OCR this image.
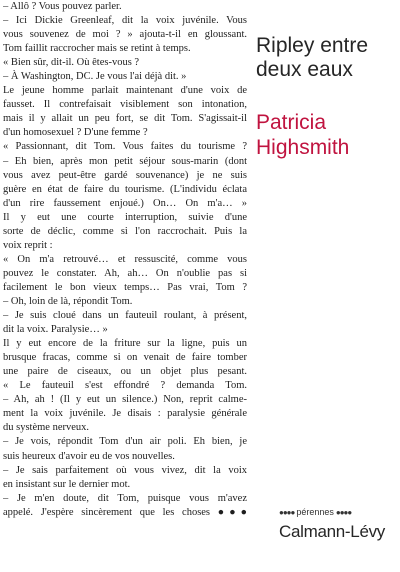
– Allô ? Vous pouvez parler.
– Ici Dickie Greenleaf, dit la voix juvénile. Vous
vous souvenez de moi ? » ajouta-t-il en gloussant.
Tom faillit raccrocher mais se retint à temps.
« Bien sûr, dit-il. Où êtes-vous ?
– À Washington, DC. Je vous l'ai déjà dit. »
Le jeune homme parlait maintenant d'une voix de
fausset. Il contrefaisait visiblement son intonation,
mais il y allait un peu fort, se dit Tom. S'agissait-il
d'un homosexuel ? D'une femme ?
« Passionnant, dit Tom. Vous faites du tourisme ?
– Eh bien, après mon petit séjour sous-marin (dont
vous avez peut-être gardé souvenance) je ne suis
guère en état de faire du tourisme. (L'individu éclata
d'un rire faussement enjoué.) On… On m'a… »
Il y eut une courte interruption, suivie d'une
sorte de déclic, comme si l'on raccrochait. Puis la
voix reprit :
« On m'a retrouvé… et ressuscité, comme vous
pouvez le constater. Ah, ah… On n'oublie pas si
facilement le bon vieux temps… Pas vrai, Tom ?
– Oh, loin de là, répondit Tom.
– Je suis cloué dans un fauteuil roulant, à présent,
dit la voix. Paralysie… »
Il y eut encore de la friture sur la ligne, puis un
brusque fracas, comme si on venait de faire tomber
une paire de ciseaux, ou un objet plus pesant.
« Le fauteuil s'est effondré ? demanda Tom.
– Ah, ah ! (Il y eut un silence.) Non, reprit calme-
ment la voix juvénile. Je disais : paralysie générale
du système nerveux.
– Je vois, répondit Tom d'un air poli. Eh bien, je
suis heureux d'avoir eu de vos nouvelles.
– Je sais parfaitement où vous vivez, dit la voix
en insistant sur le dernier mot.
– Je m'en doute, dit Tom, puisque vous m'avez
appelé. J'espère sincèrement que les choses ●●●
Ripley entre
deux eaux
Patricia
Highsmith
●●●● pérennes ●●●●
Calmann-Lévy
